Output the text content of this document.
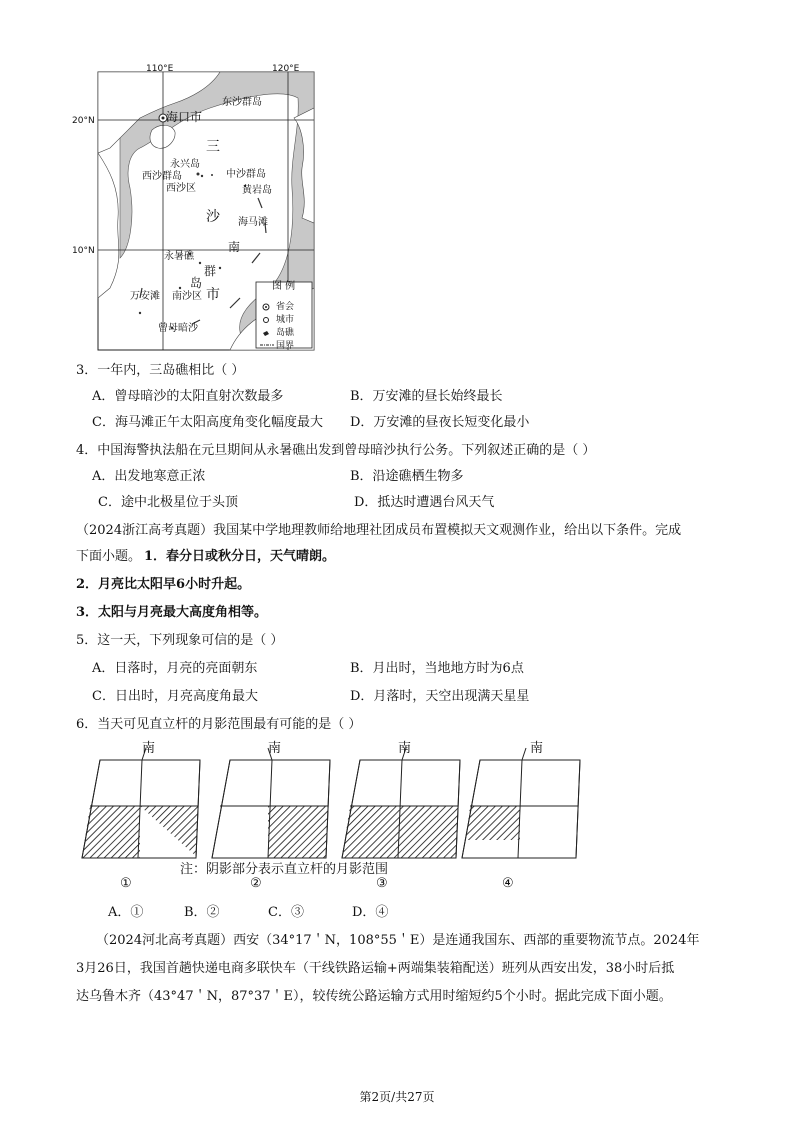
110°E	120°E
20°N
10°N
东沙群岛
海口市
三
永兴岛
西沙群岛
西沙区
中沙群岛
黄岩岛
沙 海马滩
南
永暑礁
群
岛
市
万安滩 南沙区
曾母暗沙
图 例
省会
城市
岛礁
国界
3．一年内，三岛礁相比（ ）
A．曾母暗沙的太阳直射次数最多	B．万安滩的昼长始终最长
C．海马滩正午太阳高度角变化幅度最大 D．万安滩的昼夜长短变化最小
4．中国海警执法船在元旦期间从永暑礁出发到曾母暗沙执行公务。下列叙述正确的是（ ）
A．出发地寒意正浓	B．沿途礁栖生物多
C．途中北极星位于头顶	D．抵达时遭遇台风天气
（2024浙江高考真题）我国某中学地理教师给地理社团成员布置模拟天文观测作业，给出以下条件。完成
下面小题。 1．春分日或秋分日，天气晴朗。
2．月亮比太阳早6小时升起。
3．太阳与月亮最大高度角相等。
5．这一天，下列现象可信的是（ ）
A．日落时，月亮的亮面朝东	B．月出时，当地地方时为6点
C．日出时，月亮高度角最大	D．月落时，天空出现满天星星
6．当天可见直立杆的月影范围最有可能的是（ ）
南	南	南	南
注：阴影部分表示直立杆的月影范围
①	②	③	④
A．①	B．②	C．③	D．④
（2024河北高考真题）西安（34°17＇N，108°55＇E）是连通我国东、西部的重要物流节点。2024年
3月26日，我国首趟快递电商多联快车（干线铁路运输+两端集装箱配送）班列从西安出发，38小时后抵
达乌鲁木齐（43°47＇N，87°37＇E），较传统公路运输方式用时缩短约5个小时。据此完成下面小题。
第2页/共27页
